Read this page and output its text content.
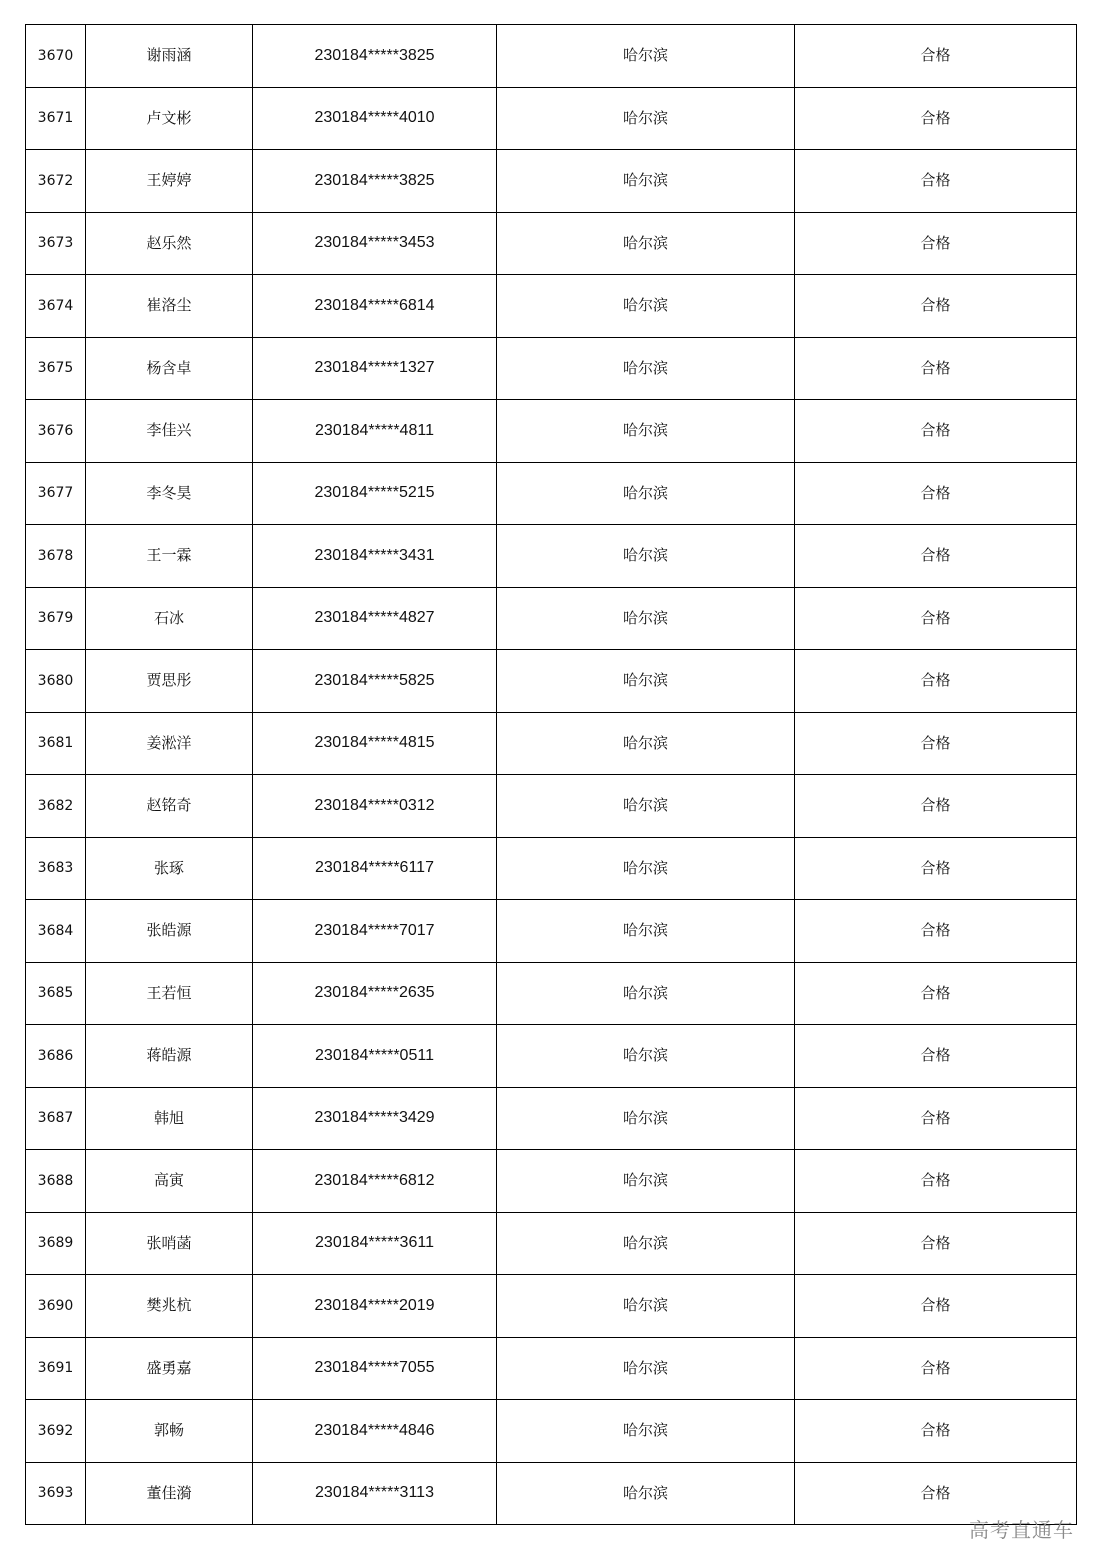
3670	谢雨涵	230184*****3825	哈尔滨	合格
3671	卢文彬	230184*****4010	哈尔滨	合格
3672	王婷婷	230184*****3825	哈尔滨	合格
3673	赵乐然	230184*****3453	哈尔滨	合格
3674	崔洛尘	230184*****6814	哈尔滨	合格
3675	杨含卓	230184*****1327	哈尔滨	合格
3676	李佳兴	230184*****4811	哈尔滨	合格
3677	李冬昊	230184*****5215	哈尔滨	合格
3678	王一霖	230184*****3431	哈尔滨	合格
3679	石冰	230184*****4827	哈尔滨	合格
3680	贾思彤	230184*****5825	哈尔滨	合格
3681	姜淞洋	230184*****4815	哈尔滨	合格
3682	赵铭奇	230184*****0312	哈尔滨	合格
3683	张琢	230184*****6117	哈尔滨	合格
3684	张皓源	230184*****7017	哈尔滨	合格
3685	王若恒	230184*****2635	哈尔滨	合格
3686	蒋皓源	230184*****0511	哈尔滨	合格
3687	韩旭	230184*****3429	哈尔滨	合格
3688	高寅	230184*****6812	哈尔滨	合格
3689	张哨菡	230184*****3611	哈尔滨	合格
3690	樊兆杭	230184*****2019	哈尔滨	合格
3691	盛勇嘉	230184*****7055	哈尔滨	合格
3692	郭畅	230184*****4846	哈尔滨	合格
3693	董佳漪	230184*****3113	哈尔滨	合格
高考直通车
